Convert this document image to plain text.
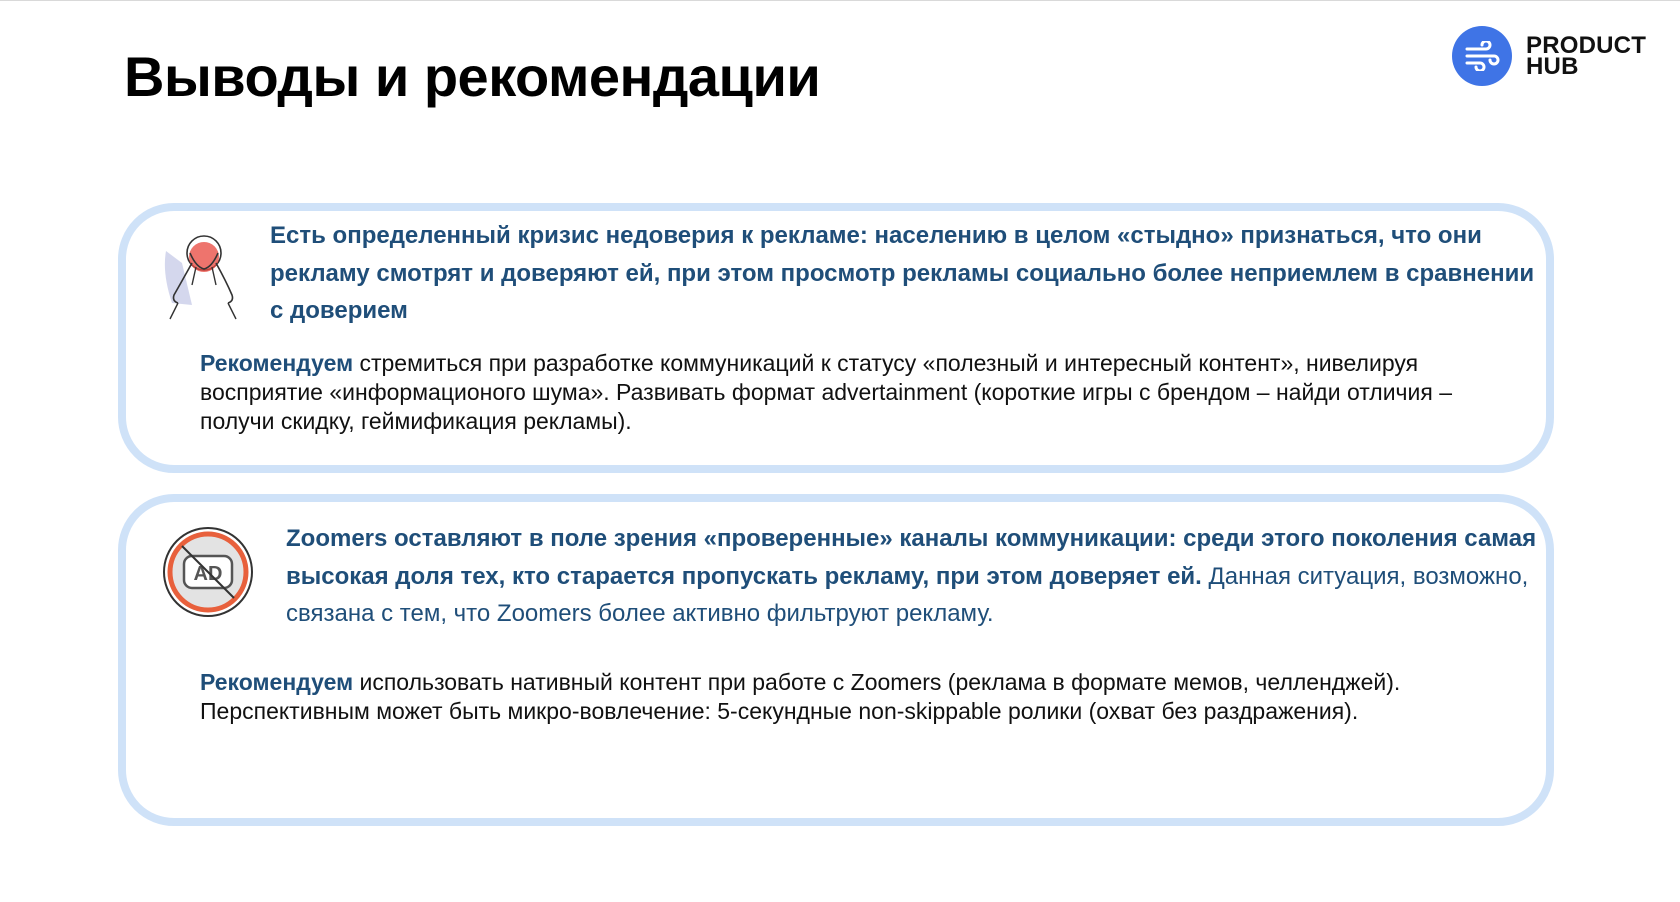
Выводы и рекомендации	PRODUCT
HUB

Есть определенный кризис недоверия к рекламе: населению в целом «стыдно» признаться, что они рекламу смотрят и доверяют ей, при этом просмотр рекламы социально более неприемлем в сравнении с доверием

Рекомендуем стремиться при разработке коммуникаций к статусу «полезный и интересный контент», нивелируя восприятие «информационого шума». Развивать формат advertainment (короткие игры с брендом – найди отличия – получи скидку, геймификация рекламы).

AD

Zoomers оставляют в поле зрения «проверенные» каналы коммуникации: среди этого поколения самая высокая доля тех, кто старается пропускать рекламу, при этом доверяет ей. Данная ситуация, возможно, связана с тем, что Zoomers более активно фильтруют рекламу.

Рекомендуем использовать нативный контент при работе с Zoomers (реклама в формате мемов, челленджей). Перспективным может быть микро-вовлечение: 5-секундные non-skippable ролики (охват без раздражения).
